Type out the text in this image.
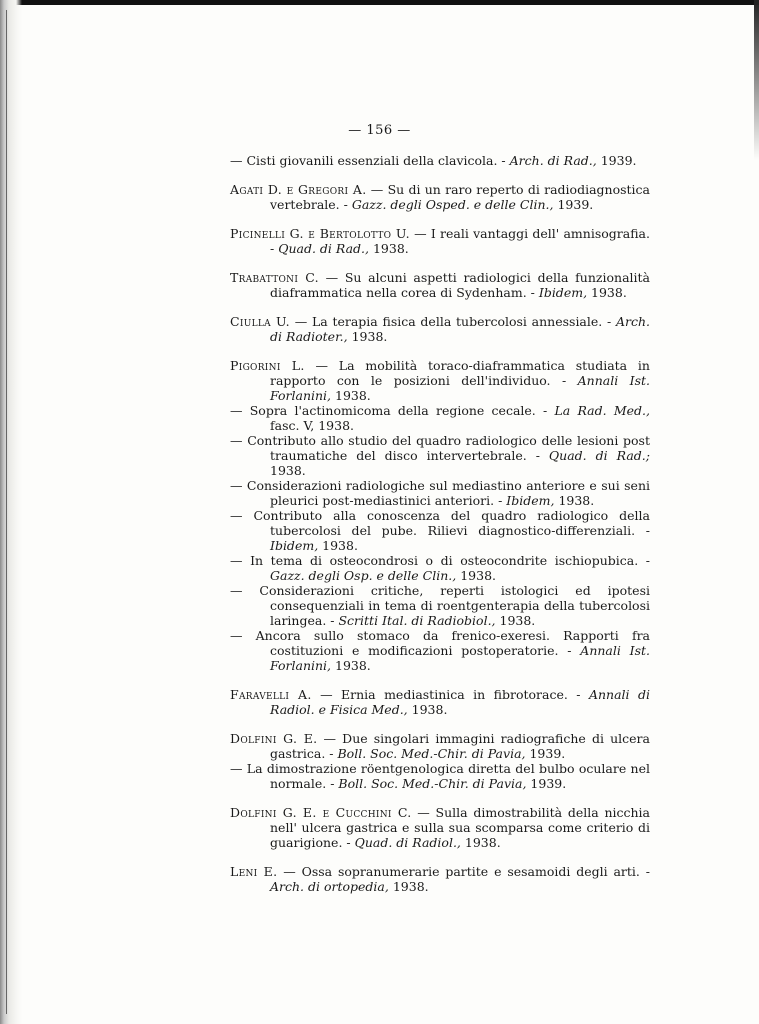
— 156 —
— Cisti giovanili essenziali della clavicola. - Arch. di Rad., 1939.
Agati D. e Gregori A. — Su di un raro reperto di radiodiagnostica vertebrale. - Gazz. degli Osped. e delle Clin., 1939.
Picinelli G. e Bertolotto U. — I reali vantaggi dell' amnisografia. - Quad. di Rad., 1938.
Trabattoni C. — Su alcuni aspetti radiologici della funzionalità diaframmatica nella corea di Sydenham. - Ibidem, 1938.
Ciulla U. — La terapia fisica della tubercolosi annessiale. - Arch. di Radioter., 1938.
Pigorini L. — La mobilità toraco-diaframmatica studiata in rapporto con le posizioni dell'individuo. - Annali Ist. Forlanini, 1938.
— Sopra l'actinomicoma della regione cecale. - La Rad. Med., fasc. V, 1938.
— Contributo allo studio del quadro radiologico delle lesioni post traumatiche del disco intervertebrale. - Quad. di Rad.; 1938.
— Considerazioni radiologiche sul mediastino anteriore e sui seni pleurici post-mediastinici anteriori. - Ibidem, 1938.
— Contributo alla conoscenza del quadro radiologico della tubercolosi del pube. Rilievi diagnostico-differenziali. - Ibidem, 1938.
— In tema di osteocondrosi o di osteocondrite ischiopubica. - Gazz. degli Osp. e delle Clin., 1938.
— Considerazioni critiche, reperti istologici ed ipotesi consequenziali in tema di roentgenterapia della tubercolosi laringea. - Scritti Ital. di Radiobiol., 1938.
— Ancora sullo stomaco da frenico-exeresi. Rapporti fra costituzioni e modificazioni postoperatorie. - Annali Ist. Forlanini, 1938.
Faravelli A. — Ernia mediastinica in fibrotorace. - Annali di Radiol. e Fisica Med., 1938.
Dolfini G. E. — Due singolari immagini radiografiche di ulcera gastrica. - Boll. Soc. Med.-Chir. di Pavia, 1939.
— La dimostrazione röentgenologica diretta del bulbo oculare nel normale. - Boll. Soc. Med.-Chir. di Pavia, 1939.
Dolfini G. E. e Cucchini C. — Sulla dimostrabilità della nicchia nell' ulcera gastrica e sulla sua scomparsa come criterio di guarigione. - Quad. di Radiol., 1938.
Leni E. — Ossa sopranumerarie partite e sesamoidi degli arti. - Arch. di ortopedia, 1938.
